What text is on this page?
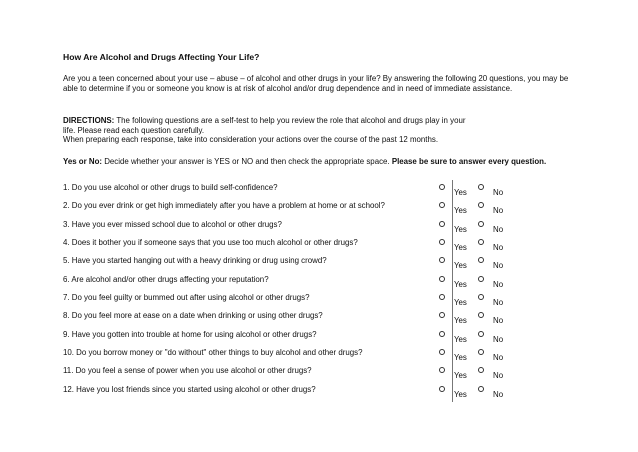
How Are Alcohol and Drugs Affecting Your Life?
Are you a teen concerned about your use – abuse – of alcohol and other drugs in your life? By answering the following 20 questions, you may be able to determine if you or someone you know is at risk of alcohol and/or drug dependence and in need of immediate assistance.
DIRECTIONS: The following questions are a self-test to help you review the role that alcohol and drugs play in your
life. Please read each question carefully.
When preparing each response, take into consideration your actions over the course of the past 12 months.
Yes or No: Decide whether your answer is YES or NO and then check the appropriate space. Please be sure to answer every question.
1. Do you use alcohol or other drugs to build self-confidence?
Yes	No
2. Do you ever drink or get high immediately after you have a problem at home or at school?
Yes	No
3. Have you ever missed school due to alcohol or other drugs?
Yes	No
4. Does it bother you if someone says that you use too much alcohol or other drugs?
Yes	No
5. Have you started hanging out with a heavy drinking or drug using crowd?
Yes	No
6. Are alcohol and/or other drugs affecting your reputation?
Yes	No
7. Do you feel guilty or bummed out after using alcohol or other drugs?
Yes	No
8. Do you feel more at ease on a date when drinking or using other drugs?
Yes	No
9. Have you gotten into trouble at home for using alcohol or other drugs?
Yes	No
10. Do you borrow money or "do without" other things to buy alcohol and other drugs?
Yes	No
11. Do you feel a sense of power when you use alcohol or other drugs?
Yes	No
12. Have you lost friends since you started using alcohol or other drugs?
Yes	No
